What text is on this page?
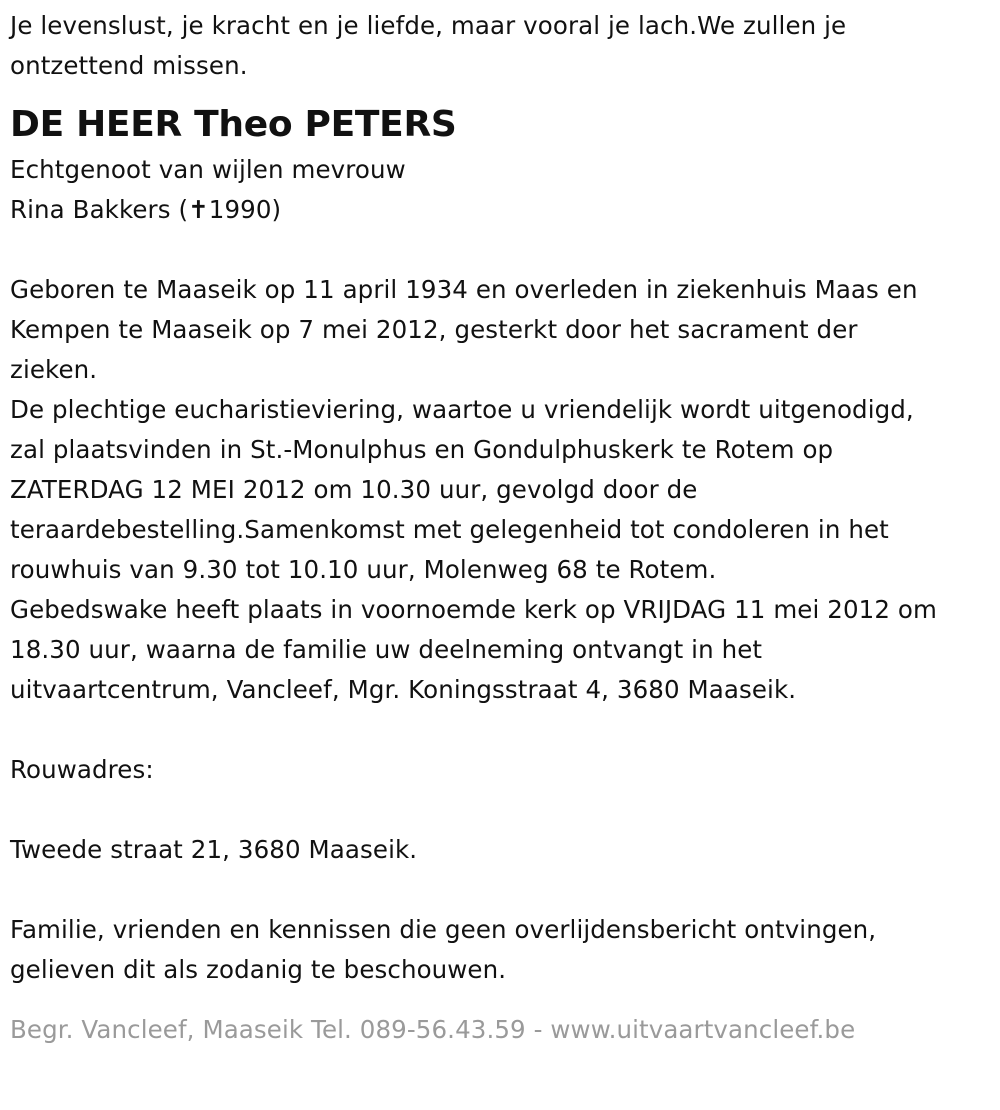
Je levenslust, je kracht en je liefde, maar vooral je lach.We zullen je
ontzettend missen.
DE HEER Theo PETERS
Echtgenoot van wijlen mevrouw
Rina Bakkers (✝1990)
Geboren te Maaseik op 11 april 1934 en overleden in ziekenhuis Maas en
Kempen te Maaseik op 7 mei 2012, gesterkt door het sacrament der
zieken.
De plechtige eucharistieviering, waartoe u vriendelijk wordt uitgenodigd,
zal plaatsvinden in St.-Monulphus en Gondulphuskerk te Rotem op
ZATERDAG 12 MEI 2012 om 10.30 uur, gevolgd door de
teraardebestelling.Samenkomst met gelegenheid tot condoleren in het
rouwhuis van 9.30 tot 10.10 uur, Molenweg 68 te Rotem.
Gebedswake heeft plaats in voornoemde kerk op VRIJDAG 11 mei 2012 om
18.30 uur, waarna de familie uw deelneming ontvangt in het
uitvaartcentrum, Vancleef, Mgr. Koningsstraat 4, 3680 Maaseik.
Rouwadres:
Tweede straat 21, 3680 Maaseik.
Familie, vrienden en kennissen die geen overlijdensbericht ontvingen,
gelieven dit als zodanig te beschouwen.
Begr. Vancleef, Maaseik Tel. 089-56.43.59 - www.uitvaartvancleef.be
